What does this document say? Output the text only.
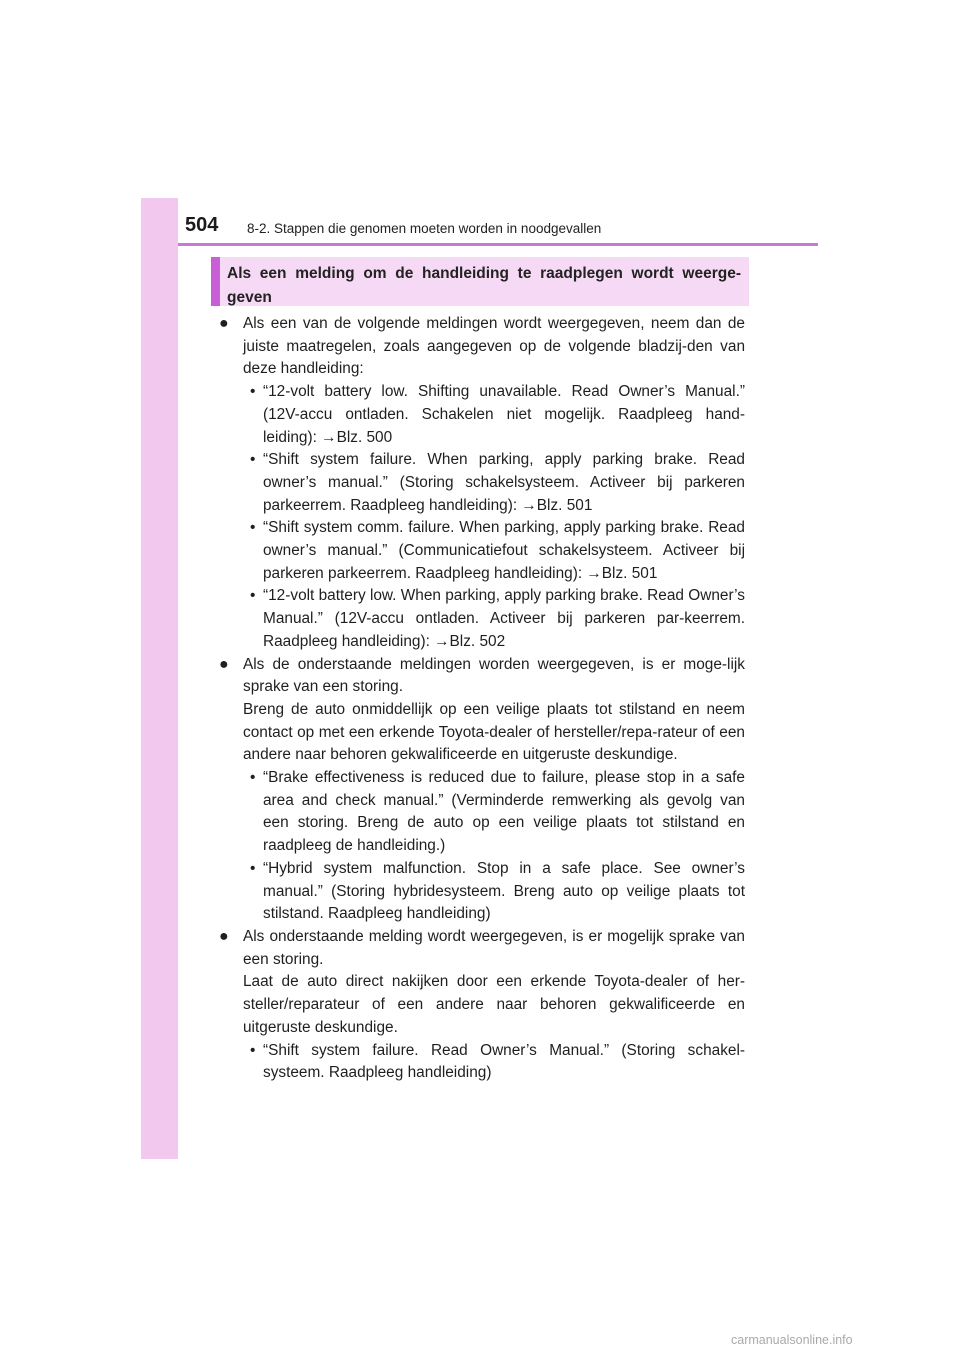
504 8-2. Stappen die genomen moeten worden in noodgevallen
Als een melding om de handleiding te raadplegen wordt weerge-geven
● Als een van de volgende meldingen wordt weergegeven, neem dan de juiste maatregelen, zoals aangegeven op de volgende bladzij-den van deze handleiding:
• “12-volt battery low. Shifting unavailable. Read Owner’s Manual.” (12V-accu ontladen. Schakelen niet mogelijk. Raadpleeg hand-leiding): →Blz. 500
• “Shift system failure. When parking, apply parking brake. Read owner’s manual.” (Storing schakelsysteem. Activeer bij parkeren parkeerrem. Raadpleeg handleiding): →Blz. 501
• “Shift system comm. failure. When parking, apply parking brake. Read owner’s manual.” (Communicatiefout schakelsysteem. Activeer bij parkeren parkeerrem. Raadpleeg handleiding): →Blz. 501
• “12-volt battery low. When parking, apply parking brake. Read Owner’s Manual.” (12V-accu ontladen. Activeer bij parkeren par-keerrem. Raadpleeg handleiding): →Blz. 502
● Als de onderstaande meldingen worden weergegeven, is er moge-lijk sprake van een storing.
Breng de auto onmiddellijk op een veilige plaats tot stilstand en neem contact op met een erkende Toyota-dealer of hersteller/repa-rateur of een andere naar behoren gekwalificeerde en uitgeruste deskundige.
• “Brake effectiveness is reduced due to failure, please stop in a safe area and check manual.” (Verminderde remwerking als gevolg van een storing. Breng de auto op een veilige plaats tot stilstand en raadpleeg de handleiding.)
• “Hybrid system malfunction. Stop in a safe place. See owner’s manual.” (Storing hybridesysteem. Breng auto op veilige plaats tot stilstand. Raadpleeg handleiding)
● Als onderstaande melding wordt weergegeven, is er mogelijk sprake van een storing.
Laat de auto direct nakijken door een erkende Toyota-dealer of her-steller/reparateur of een andere naar behoren gekwalificeerde en uitgeruste deskundige.
• “Shift system failure. Read Owner’s Manual.” (Storing schakel-systeem. Raadpleeg handleiding)
carmanualsonline.info
